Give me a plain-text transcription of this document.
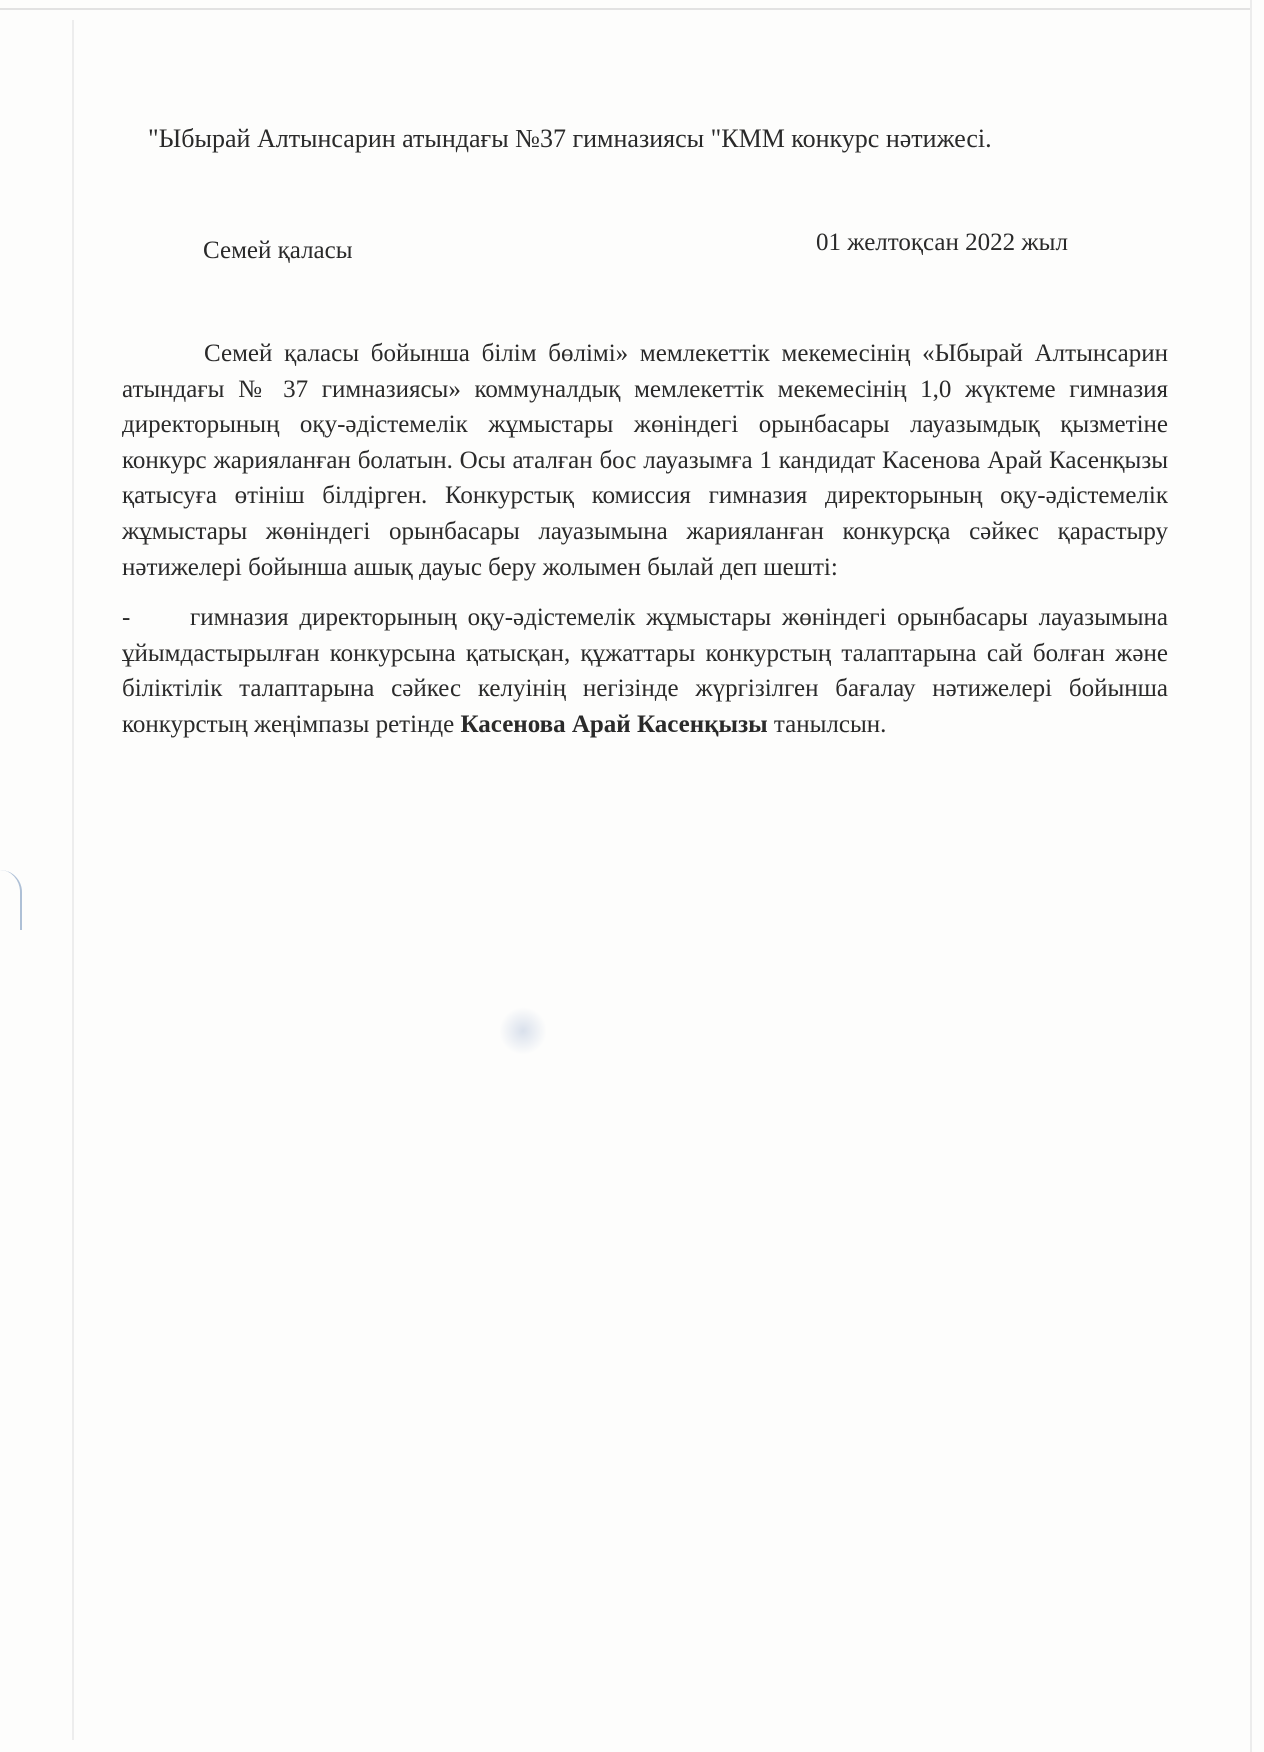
"Ыбырай Алтынсарин атындағы №37 гимназиясы "КММ конкурс нәтижесі.
Семей қаласы	01 желтоқсан 2022 жыл

Семей қаласы бойынша білім бөлімі» мемлекеттік мекемесінің «Ыбырай Алтынсарин атындағы № 37 гимназиясы» коммуналдық мемлекеттік мекемесінің 1,0 жүктеме гимназия директорының оқу-әдістемелік жұмыстары жөніндегі орынбасары лауазымдық қызметіне конкурс жарияланған болатын. Осы аталған бос лауазымға 1 кандидат Касенова Арай Касенқызы қатысуға өтініш білдірген. Конкурстық комиссия гимназия директорының оқу-әдістемелік жұмыстары жөніндегі орынбасары лауазымына жарияланған конкурсқа сәйкес қарастыру нәтижелері бойынша ашық дауыс беру жолымен былай деп шешті:

- гимназия директорының оқу-әдістемелік жұмыстары жөніндегі орынбасары лауазымына ұйымдастырылған конкурсына қатысқан, құжаттары конкурстың талаптарына сай болған және біліктілік талаптарына сәйкес келуінің негізінде жүргізілген бағалау нәтижелері бойынша конкурстың жеңімпазы ретінде Касенова Арай Касенқызы танылсын.
